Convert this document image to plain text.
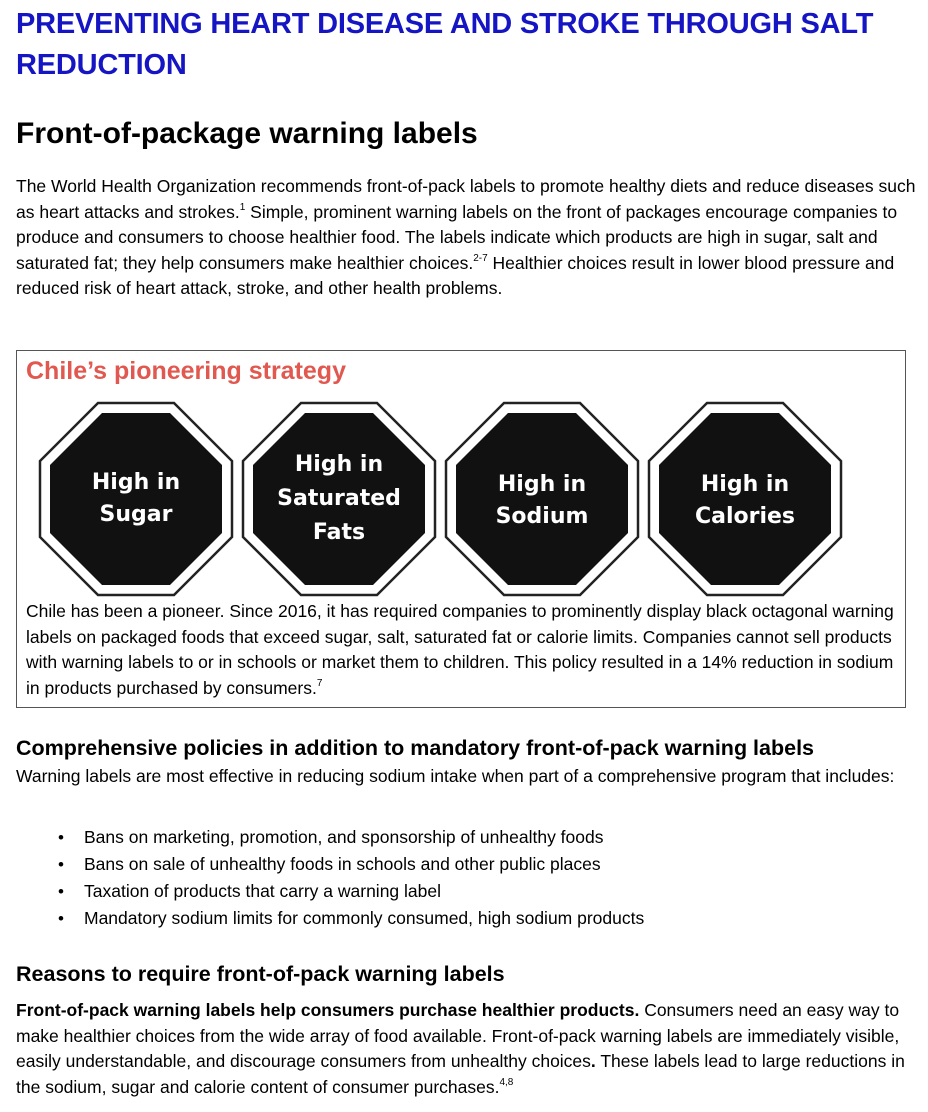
PREVENTING HEART DISEASE AND STROKE THROUGH SALT REDUCTION
Front-of-package warning labels

The World Health Organization recommends front-of-pack labels to promote healthy diets and reduce diseases such as heart attacks and strokes.$^1$ Simple, prominent warning labels on the front of packages encourage companies to produce and consumers to choose healthier food. The labels indicate which products are high in sugar, salt and saturated fat; they help consumers make healthier choices.$^{2-7}$ Healthier choices result in lower blood pressure and reduced risk of heart attack, stroke, and other health problems.

Chile’s pioneering strategy
High in
Sugar
High in
Saturated
Fats
High in
Sodium
High in
Calories

Chile has been a pioneer. Since 2016, it has required companies to prominently display black octagonal warning labels on packaged foods that exceed sugar, salt, saturated fat or calorie limits. Companies cannot sell products with warning labels to or in schools or market them to children. This policy resulted in a 14% reduction in sodium in products purchased by consumers.$^7$

Comprehensive policies in addition to mandatory front-of-pack warning labels

Warning labels are most effective in reducing sodium intake when part of a comprehensive program that includes:

• Bans on marketing, promotion, and sponsorship of unhealthy foods
• Bans on sale of unhealthy foods in schools and other public places
• Taxation of products that carry a warning label
• Mandatory sodium limits for commonly consumed, high sodium products
Reasons to require front-of-pack warning labels

Front-of-pack warning labels help consumers purchase healthier products. Consumers need an easy way to make healthier choices from the wide array of food available. Front-of-pack warning labels are immediately visible, easily understandable, and discourage consumers from unhealthy choices. These labels lead to large reductions in the sodium, sugar and calorie content of consumer purchases.$^{4,8}$
